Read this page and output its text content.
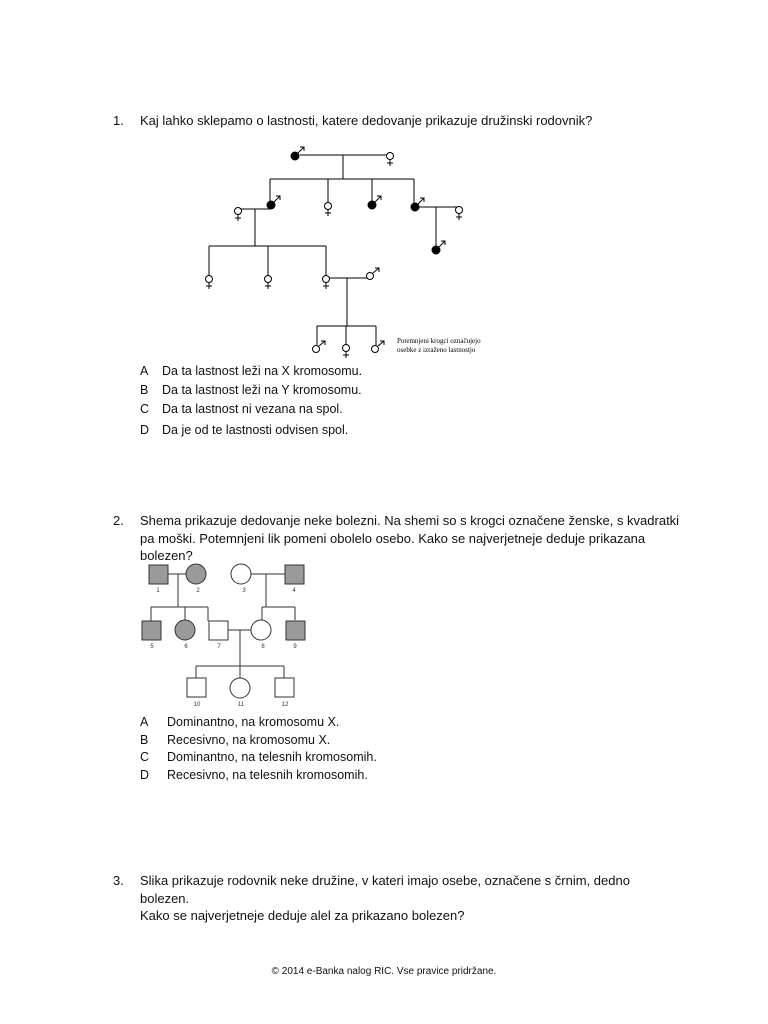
1. Kaj lahko sklepamo o lastnosti, katere dedovanje prikazuje družinski rodovnik?
Potemnjeni krogci označujejo
osebke z izraženo lastnostjo
A Da ta lastnost leži na X kromosomu.
B Da ta lastnost leži na Y kromosomu.
C Da ta lastnost ni vezana na spol.
D Da je od te lastnosti odvisen spol.
2. Shema prikazuje dedovanje neke bolezni. Na shemi so s krogci označene ženske, s kvadratki
pa moški. Potemnjeni lik pomeni obolelo osebo. Kako se najverjetneje deduje prikazana
bolezen?
1	2	3	4
5	6	7	8	9
10	11	12
A Dominantno, na kromosomu X.
B Recesivno, na kromosomu X.
C Dominantno, na telesnih kromosomih.
D Recesivno, na telesnih kromosomih.
3. Slika prikazuje rodovnik neke družine, v kateri imajo osebe, označene s črnim, dedno
bolezen.
Kako se najverjetneje deduje alel za prikazano bolezen?
© 2014 e-Banka nalog RIC. Vse pravice pridržane.
